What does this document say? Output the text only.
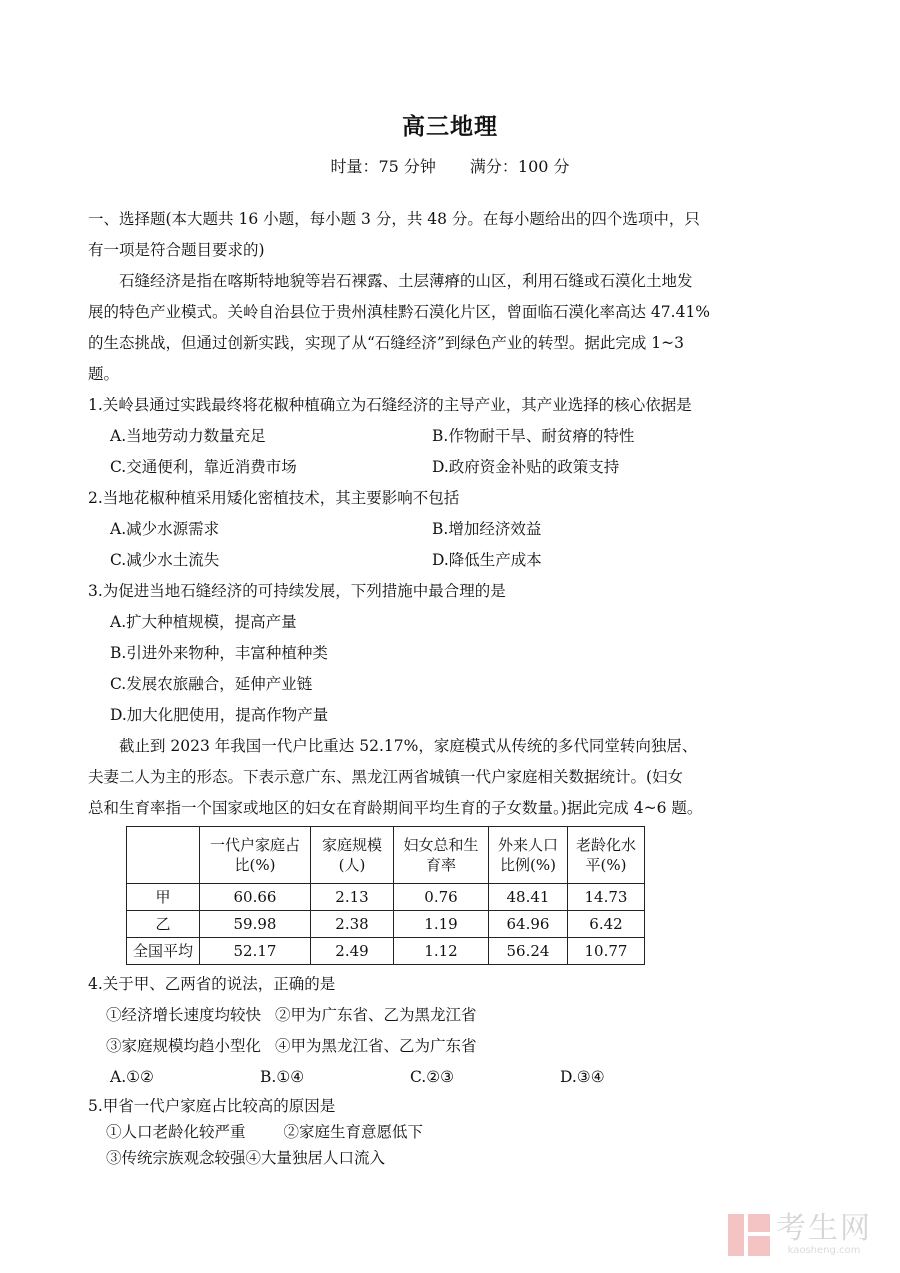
高三地理
时量：75 分钟 满分：100 分
一、选择题(本大题共 16 小题，每小题 3 分，共 48 分。在每小题给出的四个选项中，只
有一项是符合题目要求的)
石缝经济是指在喀斯特地貌等岩石裸露、土层薄瘠的山区，利用石缝或石漠化土地发
展的特色产业模式。关岭自治县位于贵州滇桂黔石漠化片区，曾面临石漠化率高达 47.41%
的生态挑战，但通过创新实践，实现了从“石缝经济”到绿色产业的转型。据此完成 1~3
题。
1.关岭县通过实践最终将花椒种植确立为石缝经济的主导产业，其产业选择的核心依据是
A.当地劳动力数量充足	B.作物耐干旱、耐贫瘠的特性
C.交通便利，靠近消费市场	D.政府资金补贴的政策支持
2.当地花椒种植采用矮化密植技术，其主要影响不包括
A.减少水源需求	B.增加经济效益
C.减少水土流失	D.降低生产成本
3.为促进当地石缝经济的可持续发展，下列措施中最合理的是
A.扩大种植规模，提高产量
B.引进外来物种，丰富种植种类
C.发展农旅融合，延伸产业链
D.加大化肥使用，提高作物产量
截止到 2023 年我国一代户比重达 52.17%，家庭模式从传统的多代同堂转向独居、
夫妻二人为主的形态。下表示意广东、黑龙江两省城镇一代户家庭相关数据统计。(妇女
总和生育率指一个国家或地区的妇女在育龄期间平均生育的子女数量。)据此完成 4~6 题。
	一代户家庭占比(%)	家庭规模(人)	妇女总和生育率	外来人口比例(%)	老龄化水平(%)
甲	60.66	2.13	0.76	48.41	14.73
乙	59.98	2.38	1.19	64.96	6.42
全国平均	52.17	2.49	1.12	56.24	10.77
4.关于甲、乙两省的说法，正确的是
①经济增长速度均较快 ②甲为广东省、乙为黑龙江省
③家庭规模均趋小型化 ④甲为黑龙江省、乙为广东省
A.①②	B.①④	C.②③	D.③④
5.甲省一代户家庭占比较高的原因是
①人口老龄化较严重 ②家庭生育意愿低下
③传统宗族观念较强④大量独居人口流入
考生网
kaosheng.com
